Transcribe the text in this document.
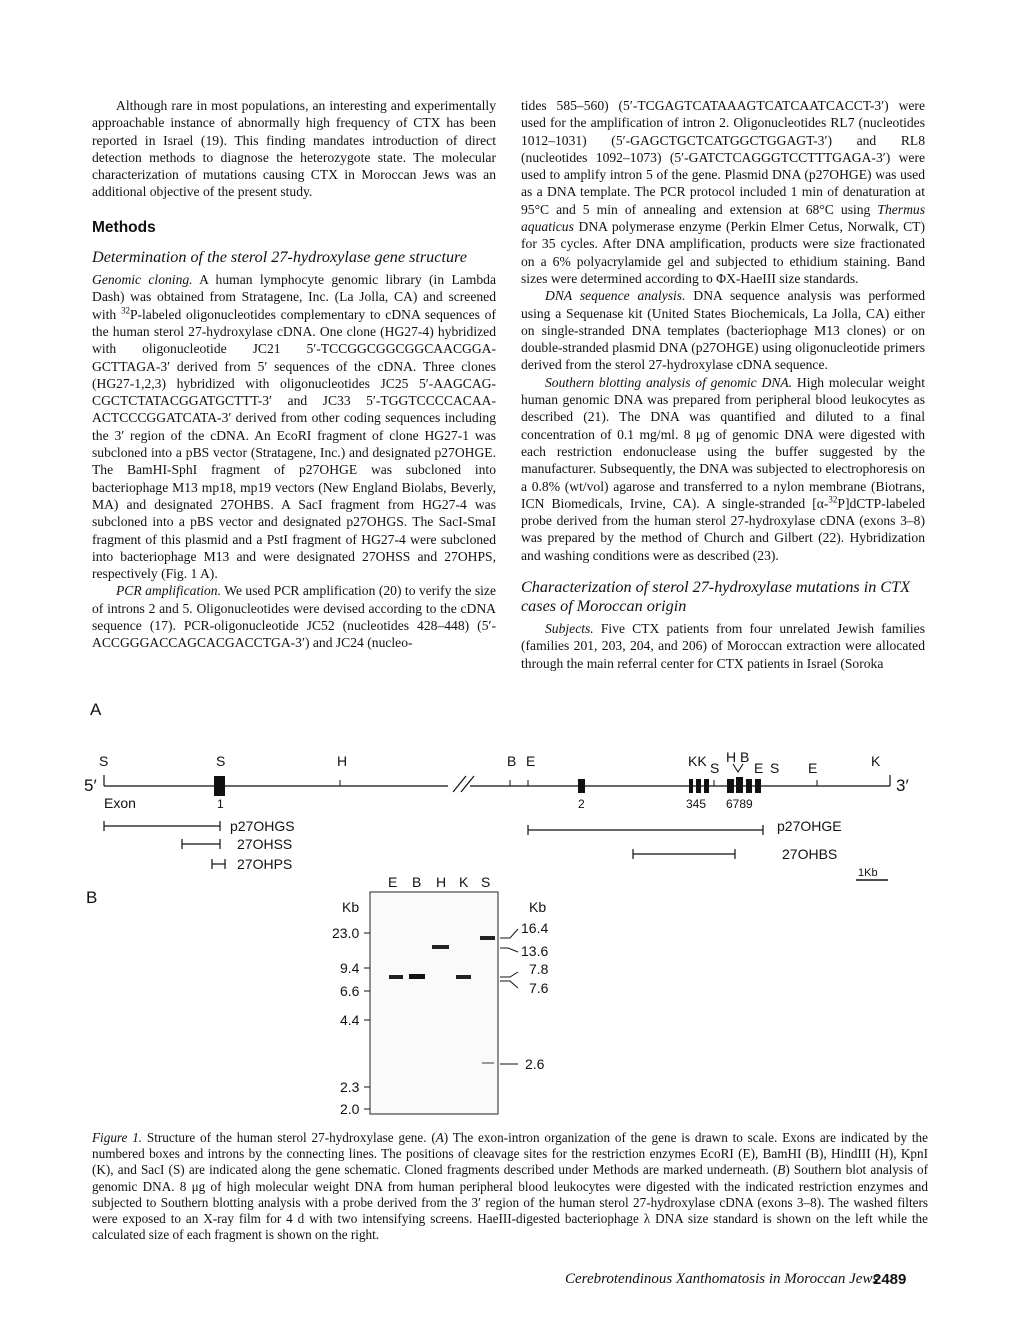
Although rare in most populations, an interesting and experimentally approachable instance of abnormally high frequency of CTX has been reported in Israel (19). This finding mandates introduction of direct detection methods to diagnose the heterozygote state. The molecular characterization of mutations causing CTX in Moroccan Jews was an additional objective of the present study.

Methods
Determination of the sterol 27-hydroxylase gene structure

Genomic cloning. A human lymphocyte genomic library (in Lambda Dash) was obtained from Stratagene, Inc. (La Jolla, CA) and screened with $^{32}$P-labeled oligonucleotides complementary to cDNA sequences of the human sterol 27-hydroxylase cDNA. One clone (HG27-4) hybridized with oligonucleotide JC21 5′-TCCGGCGGCGGCAACGGA-GCTTAGA-3′ derived from 5′ sequences of the cDNA. Three clones (HG27-1,2,3) hybridized with oligonucleotides JC25 5′-AAGCAG-CGCTCTATACGGATGCTTT-3′ and JC33 5′-TGGTCCCCACAA-ACTCCCGGATCATA-3′ derived from other coding sequences including the 3′ region of the cDNA. An EcoRI fragment of clone HG27-1 was subcloned into a pBS vector (Stratagene, Inc.) and designated p27OHGE. The BamHI-SphI fragment of p27OHGE was subcloned into bacteriophage M13 mp18, mp19 vectors (New England Biolabs, Beverly, MA) and designated 27OHBS. A SacI fragment from HG27-4 was subcloned into a pBS vector and designated p27OHGS. The SacI-SmaI fragment of this plasmid and a PstI fragment of HG27-4 were subcloned into bacteriophage M13 and were designated 27OHSS and 27OHPS, respectively (Fig. 1 A).

PCR amplification. We used PCR amplification (20) to verify the size of introns 2 and 5. Oligonucleotides were devised according to the cDNA sequence (17). PCR-oligonucleotide JC52 (nucleotides 428–448) (5′-ACCGGGACCAGCACGACCTGA-3′) and JC24 (nucleo-

tides 585–560) (5′-TCGAGTCATAAAGTCATCAATCACCT-3′) were used for the amplification of intron 2. Oligonucleotides RL7 (nucleotides 1012–1031) (5′-GAGCTGCTCATGGCTGGAGT-3′) and RL8 (nucleotides 1092–1073) (5′-GATCTCAGGGTCCTTTGAGA-3′) were used to amplify intron 5 of the gene. Plasmid DNA (p27OHGE) was used as a DNA template. The PCR protocol included 1 min of denaturation at 95°C and 5 min of annealing and extension at 68°C using Thermus aquaticus DNA polymerase enzyme (Perkin Elmer Cetus, Norwalk, CT) for 35 cycles. After DNA amplification, products were size fractionated on a 6% polyacrylamide gel and subjected to ethidium staining. Band sizes were determined according to ΦX-HaeIII size standards.

DNA sequence analysis. DNA sequence analysis was performed using a Sequenase kit (United States Biochemicals, La Jolla, CA) either on single-stranded DNA templates (bacteriophage M13 clones) or on double-stranded plasmid DNA (p27OHGE) using oligonucleotide primers derived from the sterol 27-hydroxylase cDNA sequence.

Southern blotting analysis of genomic DNA. High molecular weight human genomic DNA was prepared from peripheral blood leukocytes as described (21). The DNA was quantified and diluted to a final concentration of 0.1 mg/ml. 8 μg of genomic DNA were digested with each restriction endonuclease using the buffer suggested by the manufacturer. Subsequently, the DNA was subjected to electrophoresis on a 0.8% (wt/vol) agarose and transferred to a nylon membrane (Biotrans, ICN Biomedicals, Irvine, CA). A single-stranded [α-$^{32}$P]dCTP-labeled probe derived from the human sterol 27-hydroxylase cDNA (exons 3–8) was prepared by the method of Church and Gilbert (22). Hybridization and washing conditions were as described (23).

Characterization of sterol 27-hydroxylase mutations in CTX cases of Moroccan origin

Subjects. Five CTX patients from four unrelated Jewish families (families 201, 203, 204, and 206) of Moroccan extraction were allocated through the main referral center for CTX patients in Israel (Soroka

A
B
5′	3′
S	S	H	B E	KK S
H B
E S E	K
Exon	1	2	345 6789
p27OHGS
27OHSS
27OHPS
p27OHGE
27OHBS
1Kb
E B H K S
Kb	Kb
23.0
9.4
6.6
4.4
2.3
2.0
16.4
13.6
7.8
7.6
2.6
Figure 1. Structure of the human sterol 27-hydroxylase gene. (A) The exon-intron organization of the gene is drawn to scale. Exons are indicated by the numbered boxes and introns by the connecting lines. The positions of cleavage sites for the restriction enzymes EcoRI (E), BamHI (B), HindIII (H), KpnI (K), and SacI (S) are indicated along the gene schematic. Cloned fragments described under Methods are marked underneath. (B) Southern blot analysis of genomic DNA. 8 μg of high molecular weight DNA from human peripheral blood leukocytes were digested with the indicated restriction enzymes and subjected to Southern blotting analysis with a probe derived from the 3′ region of the human sterol 27-hydroxylase cDNA (exons 3–8). The washed filters were exposed to an X-ray film for 4 d with two intensifying screens. HaeIII-digested bacteriophage λ DNA size standard is shown on the left while the calculated size of each fragment is shown on the right.
Cerebrotendinous Xanthomatosis in Moroccan Jews
2489
